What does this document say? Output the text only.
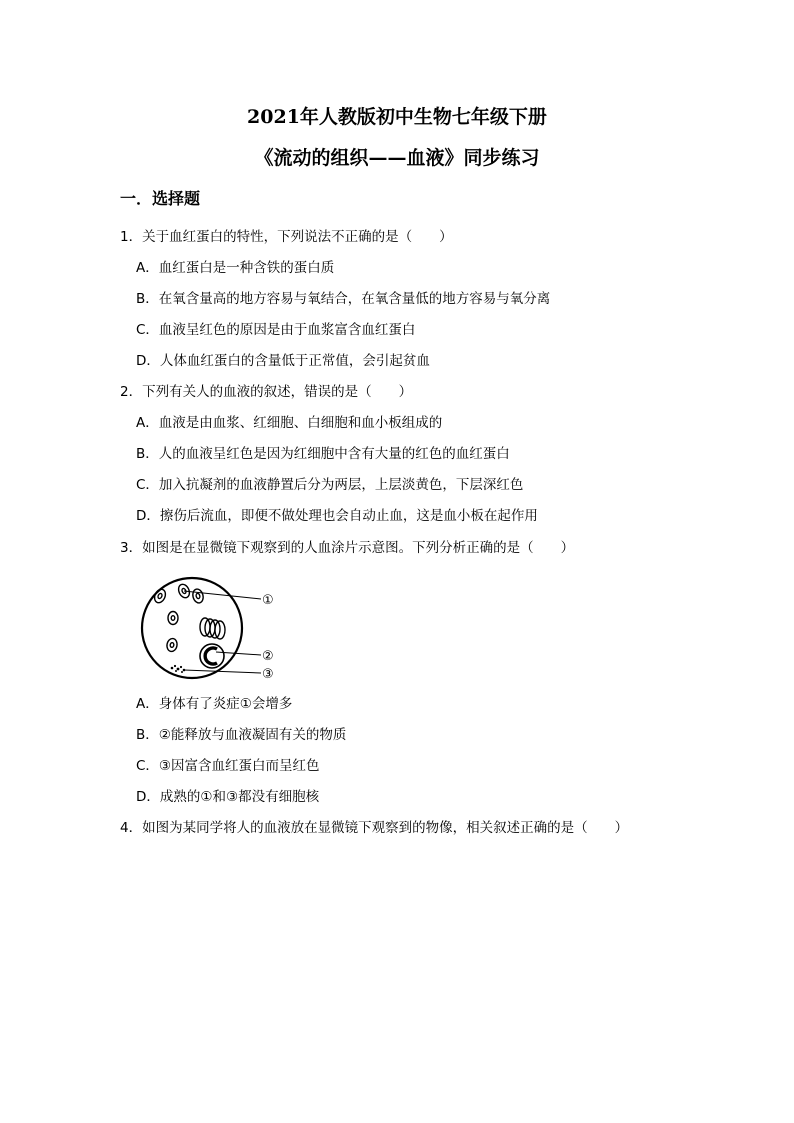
2021年人教版初中生物七年级下册
《流动的组织——血液》同步练习
一．选择题
1．关于血红蛋白的特性，下列说法不正确的是（　　）
A．血红蛋白是一种含铁的蛋白质
B．在氧含量高的地方容易与氧结合，在氧含量低的地方容易与氧分离
C．血液呈红色的原因是由于血浆富含血红蛋白
D．人体血红蛋白的含量低于正常值，会引起贫血
2．下列有关人的血液的叙述，错误的是（　　）
A．血液是由血浆、红细胞、白细胞和血小板组成的
B．人的血液呈红色是因为红细胞中含有大量的红色的血红蛋白
C．加入抗凝剂的血液静置后分为两层，上层淡黄色，下层深红色
D．擦伤后流血，即便不做处理也会自动止血，这是血小板在起作用
3．如图是在显微镜下观察到的人血涂片示意图。下列分析正确的是（　　）
①
②
③
A．身体有了炎症①会增多
B．②能释放与血液凝固有关的物质
C．③因富含血红蛋白而呈红色
D．成熟的①和③都没有细胞核
4．如图为某同学将人的血液放在显微镜下观察到的物像，相关叙述正确的是（　　）
